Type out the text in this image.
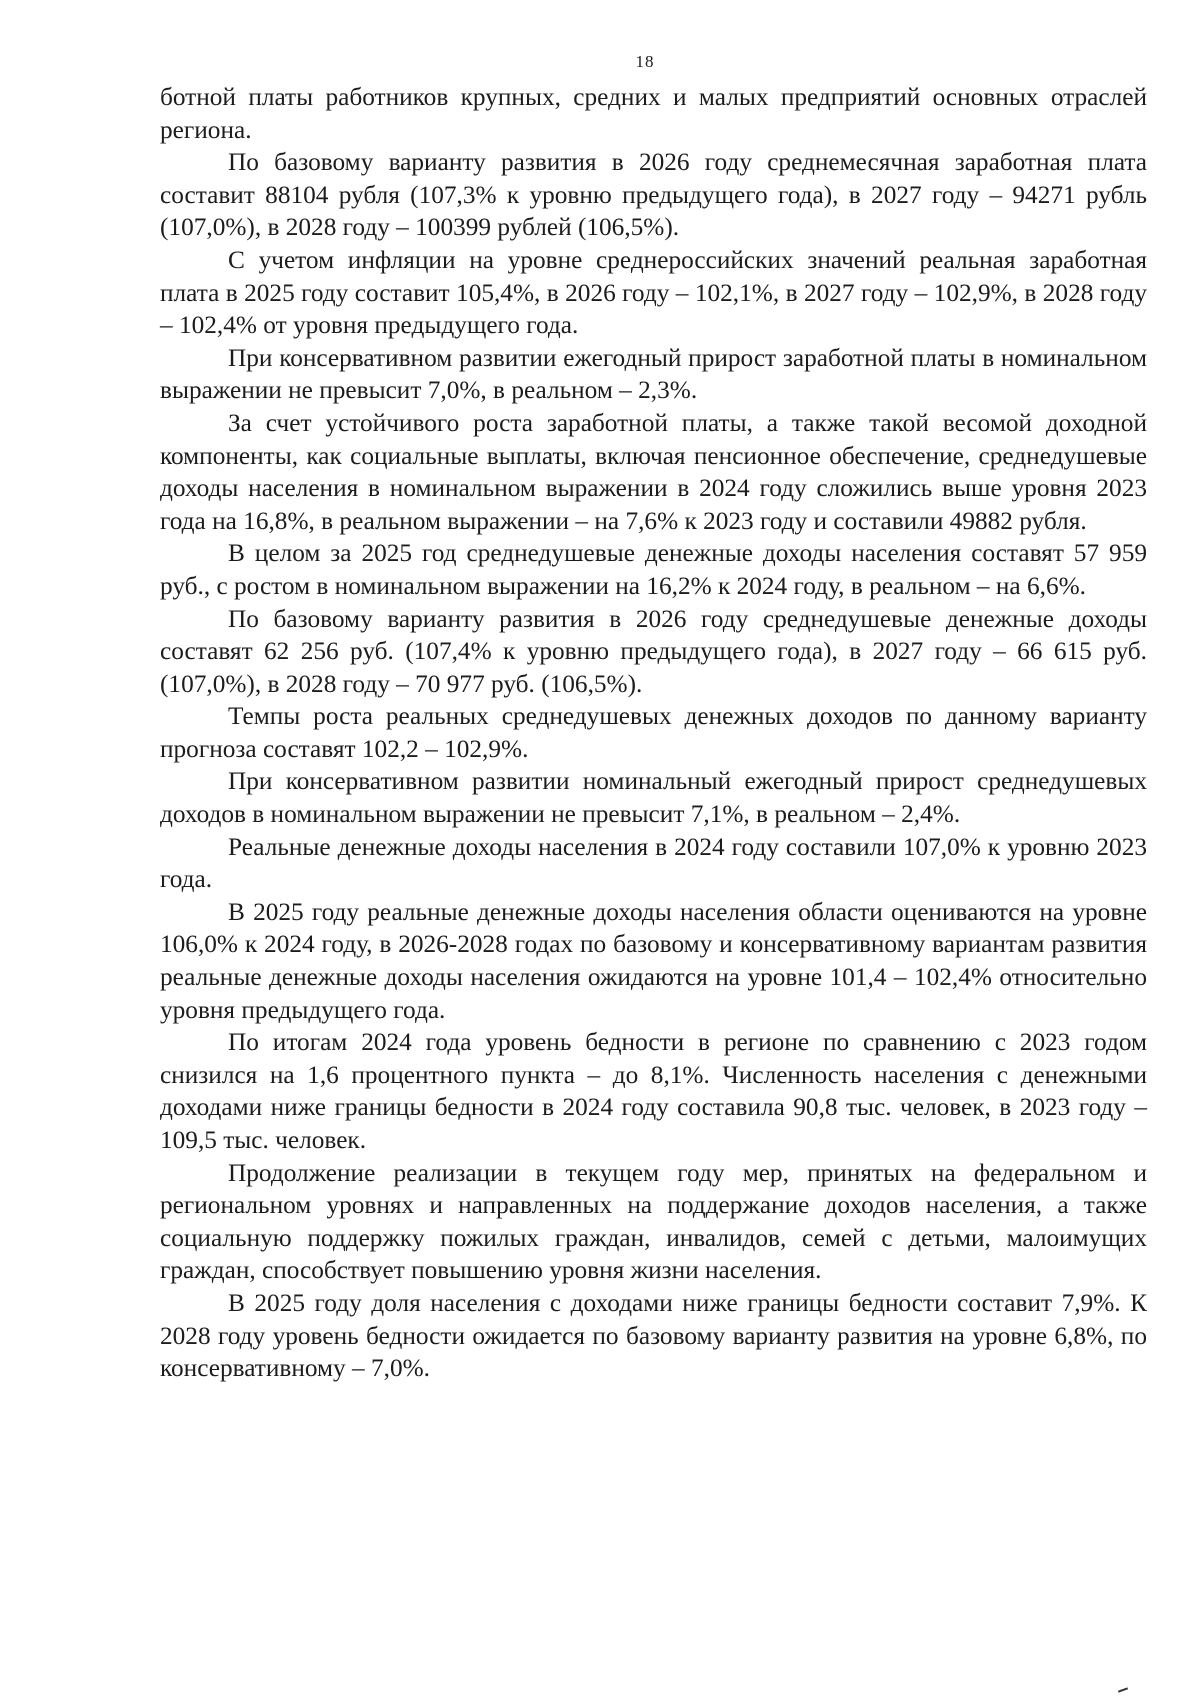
18

ботной платы работников крупных, средних и малых предприятий основных отраслей региона.

По базовому варианту развития в 2026 году среднемесячная заработная плата составит 88104 рубля (107,3% к уровню предыдущего года), в 2027 году – 94271 рубль (107,0%), в 2028 году – 100399 рублей (106,5%).

С учетом инфляции на уровне среднероссийских значений реальная заработная плата в 2025 году составит 105,4%, в 2026 году – 102,1%, в 2027 году – 102,9%, в 2028 году – 102,4% от уровня предыдущего года.

При консервативном развитии ежегодный прирост заработной платы в номинальном выражении не превысит 7,0%, в реальном – 2,3%.

За счет устойчивого роста заработной платы, а также такой весомой доходной компоненты, как социальные выплаты, включая пенсионное обеспечение, среднедушевые доходы населения в номинальном выражении в 2024 году сложились выше уровня 2023 года на 16,8%, в реальном выражении – на 7,6% к 2023 году и составили 49882 рубля.

В целом за 2025 год среднедушевые денежные доходы населения составят 57 959 руб., с ростом в номинальном выражении на 16,2% к 2024 году, в реальном – на 6,6%.

По базовому варианту развития в 2026 году среднедушевые денежные доходы составят 62 256 руб. (107,4% к уровню предыдущего года), в 2027 году – 66 615 руб. (107,0%), в 2028 году – 70 977 руб. (106,5%).

Темпы роста реальных среднедушевых денежных доходов по данному варианту прогноза составят 102,2 – 102,9%.

При консервативном развитии номинальный ежегодный прирост среднедушевых доходов в номинальном выражении не превысит 7,1%, в реальном – 2,4%.

Реальные денежные доходы населения в 2024 году составили 107,0% к уровню 2023 года.

В 2025 году реальные денежные доходы населения области оцениваются на уровне 106,0% к 2024 году, в 2026-2028 годах по базовому и консервативному вариантам развития реальные денежные доходы населения ожидаются на уровне 101,4 – 102,4% относительно уровня предыдущего года.

По итогам 2024 года уровень бедности в регионе по сравнению с 2023 годом снизился на 1,6 процентного пункта – до 8,1%. Численность населения с денежными доходами ниже границы бедности в 2024 году составила 90,8 тыс. человек, в 2023 году – 109,5 тыс. человек.

Продолжение реализации в текущем году мер, принятых на федеральном и региональном уровнях и направленных на поддержание доходов населения, а также социальную поддержку пожилых граждан, инвалидов, семей с детьми, малоимущих граждан, способствует повышению уровня жизни населения.

В 2025 году доля населения с доходами ниже границы бедности составит 7,9%. К 2028 году уровень бедности ожидается по базовому варианту развития на уровне 6,8%, по консервативному – 7,0%.
